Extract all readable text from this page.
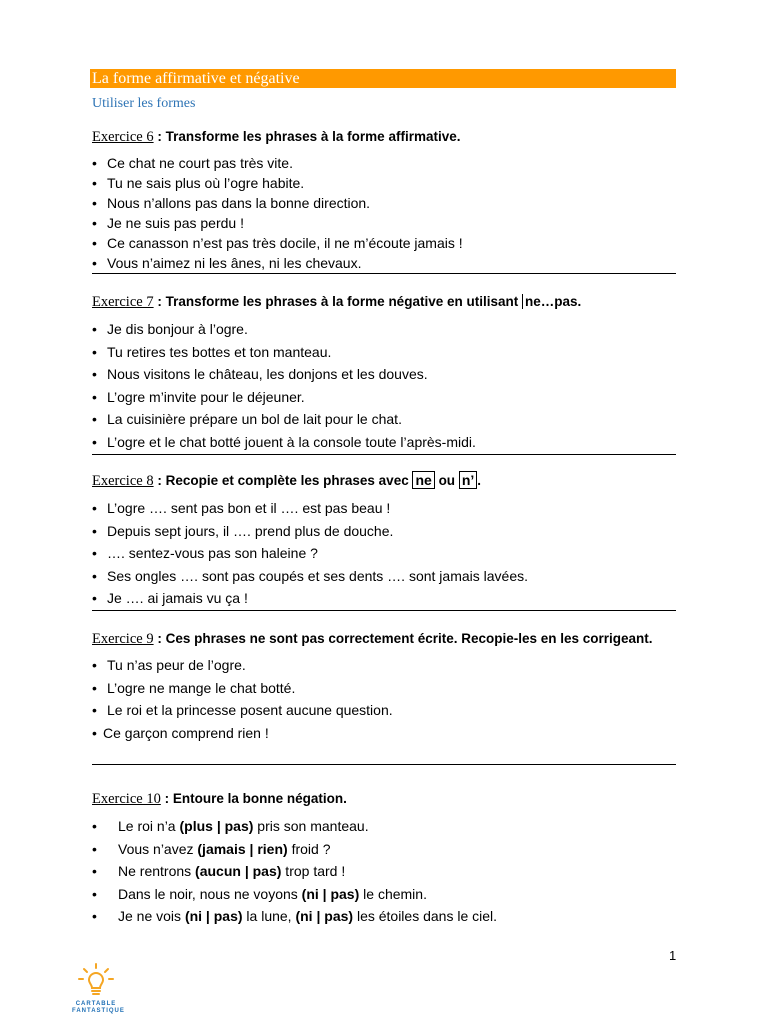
La forme affirmative et négative
Utiliser les formes
Exercice 6 : Transforme les phrases à la forme affirmative.
• Ce chat ne court pas très vite.
• Tu ne sais plus où l’ogre habite.
• Nous n’allons pas dans la bonne direction.
• Je ne suis pas perdu !
• Ce canasson n’est pas très docile, il ne m’écoute jamais !
• Vous n’aimez ni les ânes, ni les chevaux.
Exercice 7 : Transforme les phrases à la forme négative en utilisant ne…pas.
• Je dis bonjour à l’ogre.
• Tu retires tes bottes et ton manteau.
• Nous visitons le château, les donjons et les douves.
• L’ogre m’invite pour le déjeuner.
• La cuisinière prépare un bol de lait pour le chat.
• L’ogre et le chat botté jouent à la console toute l’après-midi.
Exercice 8 : Recopie et complète les phrases avec ne ou n’ .
• L’ogre …. sent pas bon et il …. est pas beau !
• Depuis sept jours, il …. prend plus de douche.
• …. sentez-vous pas son haleine ?
• Ses ongles …. sont pas coupés et ses dents …. sont jamais lavées.
• Je …. ai jamais vu ça !
Exercice 9 : Ces phrases ne sont pas correctement écrite. Recopie-les en les corrigeant.
• Tu n’as peur de l’ogre.
• L’ogre ne mange le chat botté.
• Le roi et la princesse posent aucune question.
• Ce garçon comprend rien !
Exercice 10 : Entoure la bonne négation.
• Le roi n’a (plus | pas) pris son manteau.
• Vous n’avez (jamais | rien) froid ?
• Ne rentrons (aucun | pas) trop tard !
• Dans le noir, nous ne voyons (ni | pas) le chemin.
• Je ne vois (ni | pas) la lune, (ni | pas) les étoiles dans le ciel.
1
CARTABLE
FANTASTIQUE
